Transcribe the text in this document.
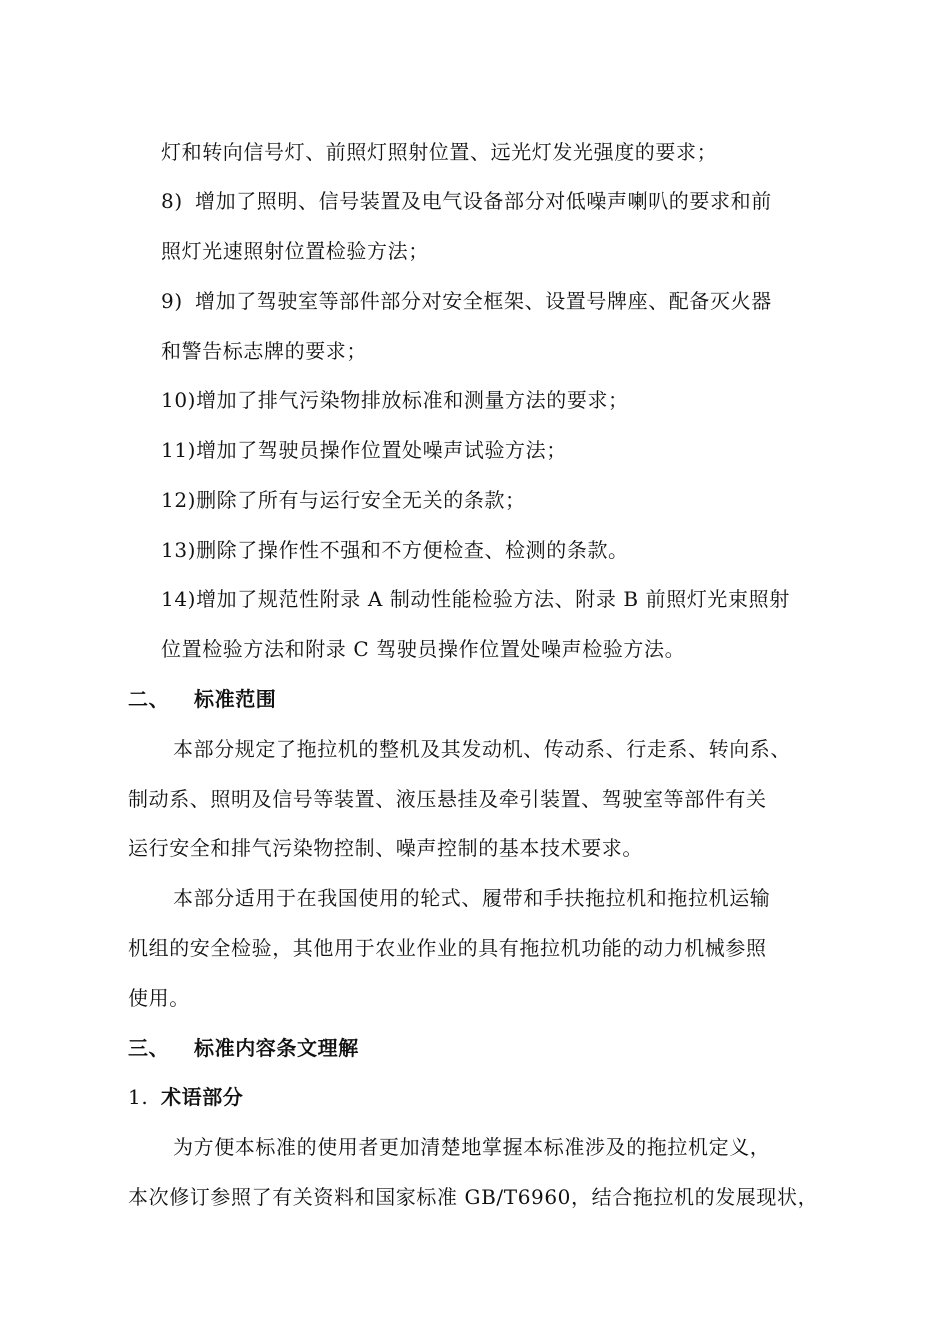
灯和转向信号灯、前照灯照射位置、远光灯发光强度的要求；
8) 增加了照明、信号装置及电气设备部分对低噪声喇叭的要求和前
照灯光速照射位置检验方法；
9) 增加了驾驶室等部件部分对安全框架、设置号牌座、配备灭火器
和警告标志牌的要求；
10)增加了排气污染物排放标准和测量方法的要求；
11)增加了驾驶员操作位置处噪声试验方法；
12)删除了所有与运行安全无关的条款；
13)删除了操作性不强和不方便检查、检测的条款。
14)增加了规范性附录 A 制动性能检验方法、附录 B 前照灯光束照射
位置检验方法和附录 C 驾驶员操作位置处噪声检验方法。
二、 标准范围
本部分规定了拖拉机的整机及其发动机、传动系、行走系、转向系、
制动系、照明及信号等装置、液压悬挂及牵引装置、驾驶室等部件有关
运行安全和排气污染物控制、噪声控制的基本技术要求。
本部分适用于在我国使用的轮式、履带和手扶拖拉机和拖拉机运输
机组的安全检验，其他用于农业作业的具有拖拉机功能的动力机械参照
使用。
三、 标准内容条文理解
1. 术语部分
为方便本标准的使用者更加清楚地掌握本标准涉及的拖拉机定义，
本次修订参照了有关资料和国家标准 GB/T6960，结合拖拉机的发展现状，
